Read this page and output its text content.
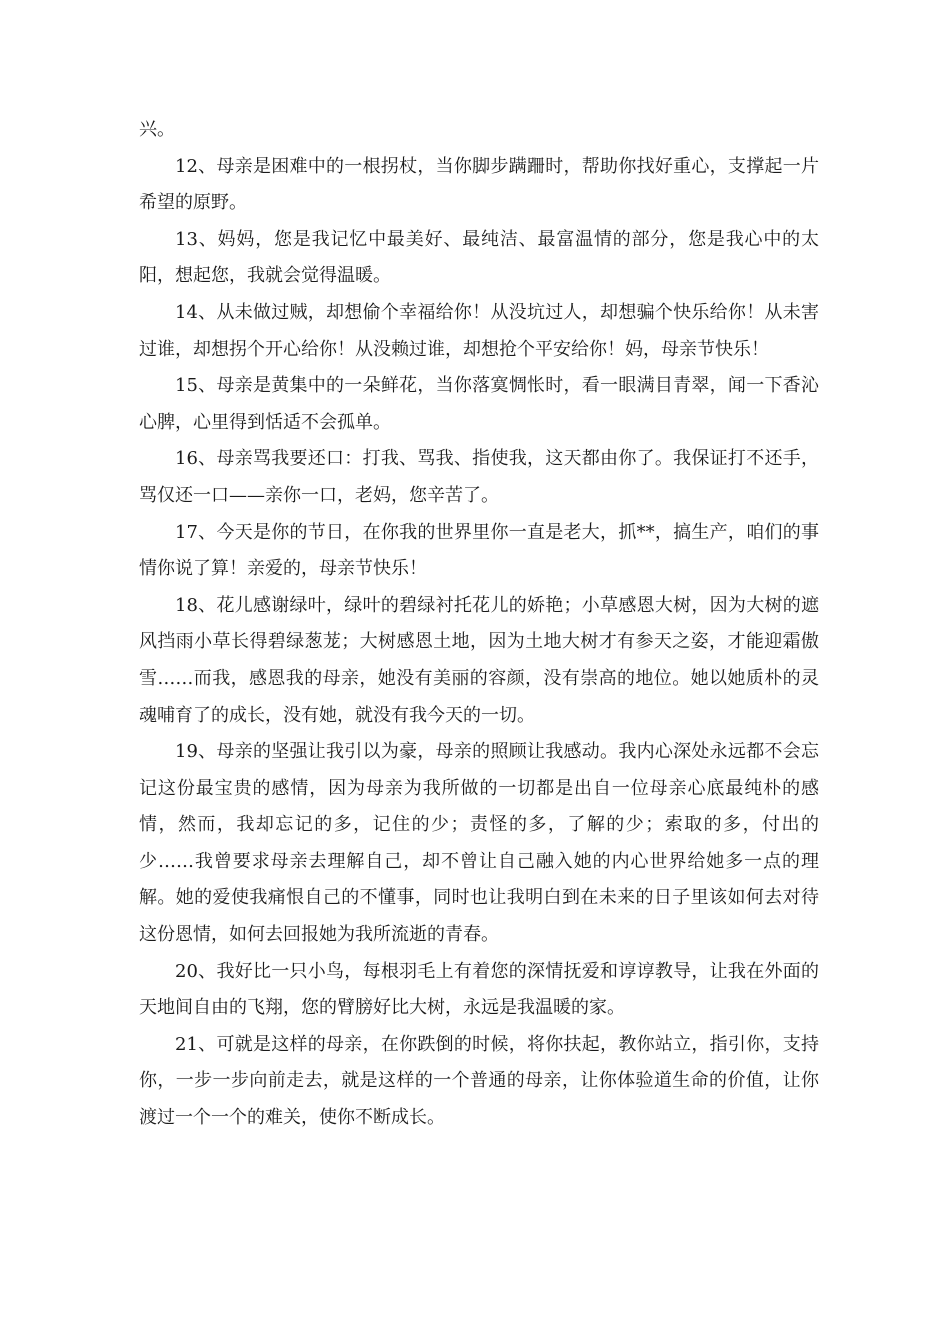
兴。

12、母亲是困难中的一根拐杖，当你脚步蹒跚时，帮助你找好重心，支撑起一片希望的原野。

13、妈妈，您是我记忆中最美好、最纯洁、最富温情的部分，您是我心中的太阳，想起您，我就会觉得温暖。

14、从未做过贼，却想偷个幸福给你！从没坑过人，却想骗个快乐给你！从未害过谁，却想拐个开心给你！从没赖过谁，却想抢个平安给你！妈，母亲节快乐！

15、母亲是黄集中的一朵鲜花，当你落寞惆怅时，看一眼满目青翠，闻一下香沁心脾，心里得到恬适不会孤单。

16、母亲骂我要还口：打我、骂我、指使我，这天都由你了。我保证打不还手，骂仅还一口——亲你一口，老妈，您辛苦了。

17、今天是你的节日，在你我的世界里你一直是老大，抓**，搞生产，咱们的事情你说了算！亲爱的，母亲节快乐！

18、花儿感谢绿叶，绿叶的碧绿衬托花儿的娇艳；小草感恩大树，因为大树的遮风挡雨小草长得碧绿葱茏；大树感恩土地，因为土地大树才有参天之姿，才能迎霜傲雪……而我，感恩我的母亲，她没有美丽的容颜，没有崇高的地位。她以她质朴的灵魂哺育了的成长，没有她，就没有我今天的一切。

19、母亲的坚强让我引以为豪，母亲的照顾让我感动。我内心深处永远都不会忘记这份最宝贵的感情，因为母亲为我所做的一切都是出自一位母亲心底最纯朴的感情，然而，我却忘记的多，记住的少；责怪的多，了解的少；索取的多，付出的少……我曾要求母亲去理解自己，却不曾让自己融入她的内心世界给她多一点的理解。她的爱使我痛恨自己的不懂事，同时也让我明白到在未来的日子里该如何去对待这份恩情，如何去回报她为我所流逝的青春。

20、我好比一只小鸟，每根羽毛上有着您的深情抚爱和谆谆教导，让我在外面的天地间自由的飞翔，您的臂膀好比大树，永远是我温暖的家。

21、可就是这样的母亲，在你跌倒的时候，将你扶起，教你站立，指引你，支持你，一步一步向前走去，就是这样的一个普通的母亲，让你体验道生命的价值，让你渡过一个一个的难关，使你不断成长。
